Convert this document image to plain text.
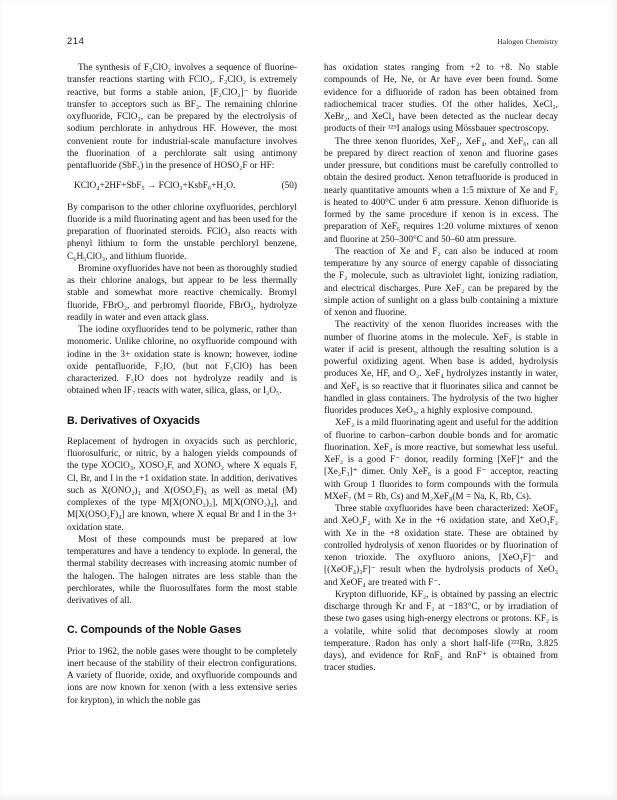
214	Halogen Chemistry

The synthesis of F₃ClO₂ involves a sequence of fluorine-transfer reactions starting with FClO₂. F₃ClO₂ is extremely reactive, but forms a stable anion, [F₂ClO₂]⁻ by fluoride transfer to acceptors such as BF₃. The remaining chlorine oxyfluoride, FClO₃, can be prepared by the electrolysis of sodium perchlorate in anhydrous HF. However, the most convenient route for industrial-scale manufacture involves the fluorination of a perchlorate salt using antimony pentafluoride (SbF₅) in the presence of HOSO₂F or HF:

KClO₄+2HF+SbF₅ → FClO₃+KsbF₆+H₂O.	(50)

By comparison to the other chlorine oxyfluorides, perchloryl fluoride is a mild fluorinating agent and has been used for the preparation of fluorinated steroids. FClO₃ also reacts with phenyl lithium to form the unstable perchloryl benzene, C₆H₅ClO₃, and lithium fluoride.

Bromine oxyfluorides have not been as thoroughly studied as their chlorine analogs, but appear to be less thermally stable and somewhat more reactive chemically. Bromyl fluoride, FBrO₂, and perbromyl fluoride, FBrO₃, hydrolyze readily in water and even attack glass.

The iodine oxyfluorides tend to be polymeric, rather than monomeric. Unlike chlorine, no oxyfluoride compound with iodine in the 3+ oxidation state is known; however, iodine oxide pentafluoride, F₅IO, (but not F₅ClO) has been characterized. F₅IO does not hydrolyze readily and is obtained when IF₇ reacts with water, silica, glass, or I₂O₅.

B. Derivatives of Oxyacids

Replacement of hydrogen in oxyacids such as perchloric, fluorosulfuric, or nitric, by a halogen yields compounds of the type XOClO₃, XOSO₂F, and XONO₂ where X equals F, Cl, Br, and I in the +1 oxidation state. In addition, derivatives such as X(ONO₂)₃ and X(OSO₂F)₃ as well as metal (M) complexes of the type M[X(ONO₂)₂], M[X(ONO₂)₄], and M[X(OSO₂F)₄] are known, where X equal Br and I in the 3+ oxidation state.

Most of these compounds must be prepared at low temperatures and have a tendency to explode. In general, the thermal stability decreases with increasing atomic number of the halogen. The halogen nitrates are less stable than the perchlorates, while the fluorosulfates form the most stable derivatives of all.

C. Compounds of the Noble Gases

Prior to 1962, the noble gases were thought to be completely inert because of the stability of their electron configurations. A variety of fluoride, oxide, and oxyfluoride compounds and ions are now known for xenon (with a less extensive series for krypton), in which the noble gas

has oxidation states ranging from +2 to +8. No stable compounds of He, Ne, or Ar have ever been found. Some evidence for a difluoride of radon has been obtained from radiochemical tracer studies. Of the other halides, XeCl₂, XeBr₂, and XeCl₄ have been detected as the nuclear decay products of their ¹²⁹I analogs using Mössbauer spectroscopy.

The three xenon fluorides, XeF₂, XeF₄, and XeF₆, can all be prepared by direct reaction of xenon and fluorine gases under pressure, but conditions must be carefully controlled to obtain the desired product. Xenon tetrafluoride is produced in nearly quantitative amounts when a 1:5 mixture of Xe and F₂ is heated to 400°C under 6 atm pressure. Xenon difluoride is formed by the same procedure if xenon is in excess. The preparation of XeF₆ requires 1:20 volume mixtures of xenon and fluorine at 250–300°C and 50–60 atm pressure.

The reaction of Xe and F₂ can also be induced at room temperature by any source of energy capable of dissociating the F₂ molecule, such as ultraviolet light, ionizing radiation, and electrical discharges. Pure XeF₂ can be prepared by the simple action of sunlight on a glass bulb containing a mixture of xenon and fluorine.

The reactivity of the xenon fluorides increases with the number of fluorine atoms in the molecule. XeF₂ is stable in water if acid is present, although the resulting solution is a powerful oxidizing agent. When base is added, hydrolysis produces Xe, HF, and O₂. XeF₄ hydrolyzes instantly in water, and XeF₆ is so reactive that it fluorinates silica and cannot be handled in glass containers. The hydrolysis of the two higher fluorides produces XeO₃, a highly explosive compound.

XeF₂ is a mild fluorinating agent and useful for the addition of fluorine to carbon–carbon double bonds and for aromatic fluorination. XeF₄ is more reactive, but somewhat less useful. XeF₂ is a good F⁻ donor, readily forming [XeF]⁺ and the [Xe₂F₃]⁺ dimer. Only XeF₆ is a good F⁻ acceptor, reacting with Group 1 fluorides to form compounds with the formula MXeF₇ (M = Rb, Cs) and M₂XeF₈(M = Na, K, Rb, Cs).

Three stable oxyfluorides have been characterized: XeOF₄ and XeO₂F₂ with Xe in the +6 oxidation state, and XeO₃F₂ with Xe in the +8 oxidation state. These are obtained by controlled hydrolysis of xenon fluorides or by fluorination of xenon trioxide. The oxyfluoro anions, [XeO₃F]⁻ and [(XeOF₄)₃F]⁻ result when the hydrolysis products of XeO₃ and XeOF₄ are treated with F⁻.

Krypton difluoride, KF₂, is obtained by passing an electric discharge through Kr and F₂ at −183°C, or by irradiation of these two gases using high-energy electrons or protons. KF₂ is a volatile, white solid that decomposes slowly at room temperature. Radon has only a short half-life (²²²Rn, 3.825 days), and evidence for RnF₂ and RnF⁺ is obtained from tracer studies.
